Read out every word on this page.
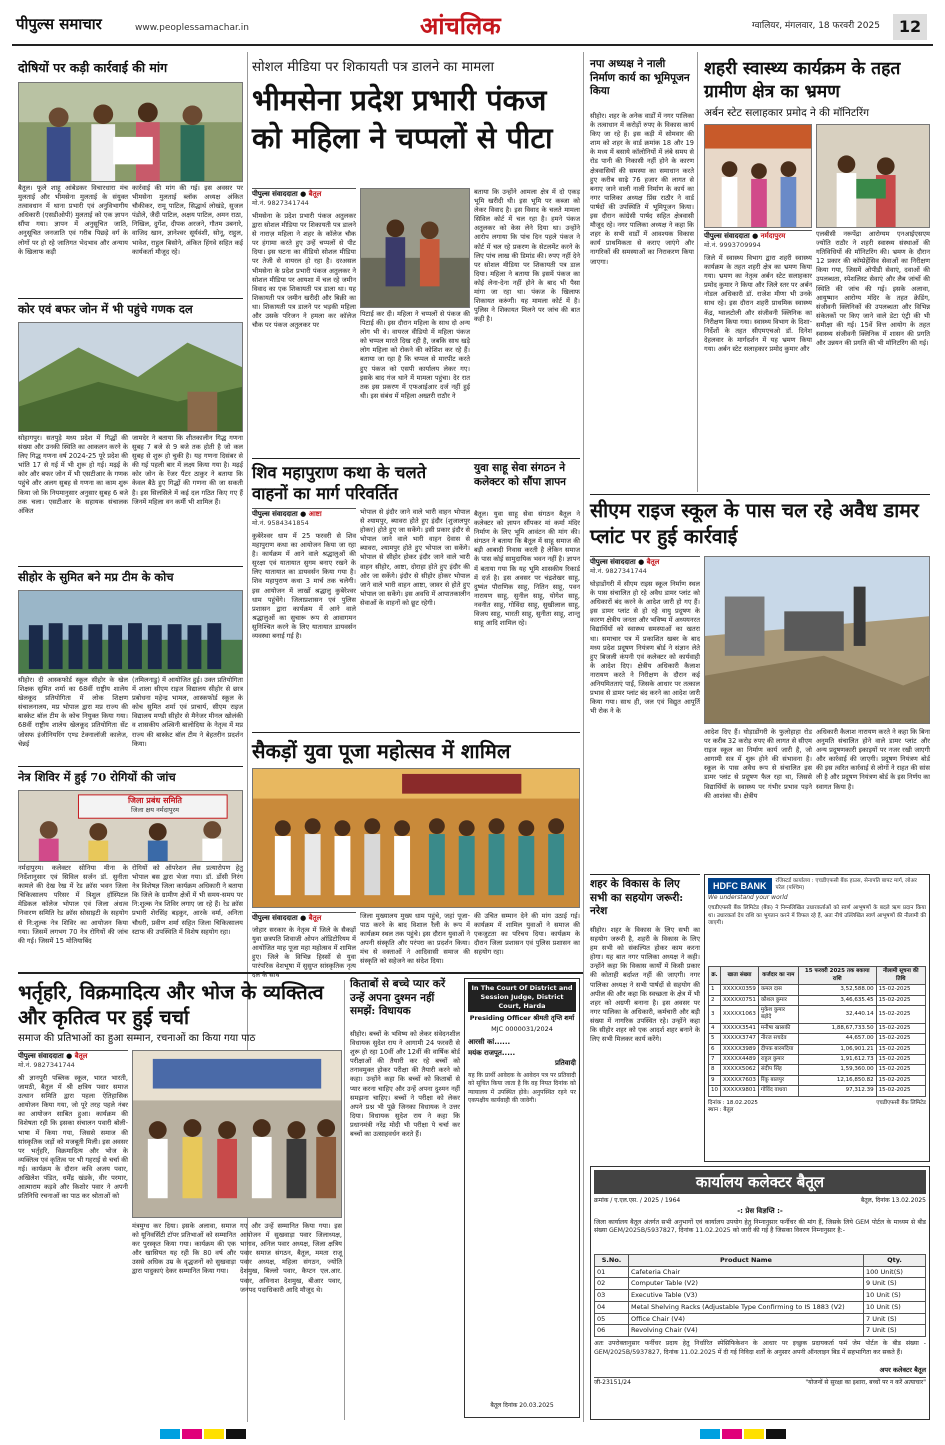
पीपुल्स समाचार	www.peoplessamachar.in	आंचलिक	ग्वालियर, मंगलवार, 18 फरवरी 2025	12
दोषियों पर कड़ी कार्रवाई की मांग
बैतूल। फूले शाहू आंबेडकर विचारधारा मंच मुलताई और भीमसेना मुलताई के संयुक्त तत्वावधान में थाना प्रभारी एवं अनुविभागीय अधिकारी (एसडीओपी) मुलताई को एक ज्ञापन सौंपा गया। ज्ञापन में अनुसूचित जाति, अनुसूचित जनजाति एवं गरीब पिछड़े वर्ग के लोगों पर हो रहे जातिगत भेदभाव और अन्याय के खिलाफ कड़ी
कार्रवाई की मांग की गई। इस अवसर पर भीमसेना मुलताई ब्लॉक अध्यक्ष अंकित चौकीकर, रामू पाटिल, सिद्धार्थ लोखंडे, सुजल पंडोले, जैदी पाटिल, अक्षय पाटिल, अमन राठा, निखिल, दुर्गेश, दीपक अरजने, गौतम उबनारे, वाजिद खान, ज्ञानेश्वर सूर्यवंशी, सोनू, राहुल, भावेश, राहुल बिसोने, अंकित हिंगवे सहित कई कार्यकर्ता मौजूद रहे।
कोर एवं बफर जोन में भी पहुंचे गणक दल
सोहागपुर। सतपुड़े मध्य प्रदेश में गिद्धों की संख्या और उनकी स्थिति का आकलन करने के लिए गिद्ध गणना वर्ष 2024-25 पूरे प्रदेश की भांति 17 से गई में भी शुरू हो गई। मढ़ई के कोर और बफर जोन में भी एसटीआर के गणक पहुंचे और अलग सुबह से गणना का काम शुरू किया जो कि नियमानुसार अनुसार सुबह 6 बजे तक चला। एसटीआर के सहायक संचालक अंकित
जामदेर ने बताया कि शीतकालीन गिद्ध गणना सुबह 7 बजे से 9 बजे तक होती है जो कल सुबह से शुरू हो चुकी है। यह गणना दिसंबर से की गई पहली बार में लक्ष्य किया गया है। मढ़ई कोर जोन के रेंजर पैंटर ठाकुर ने बताया कि केवल बैठे हुए गिद्धों की गणना की जा सकती है। इस सिलसिले में कई दल गठित किए गए हैं जिनमें महिला वन कर्मी भी शामिल हैं।
सीहोर के सुमित बने मप्र टीम के कोच
सीहोर। दी आस्कफोर्ड स्कूल सीहोर के खेल शिक्षक सुमित शर्मा का 68वीं राष्ट्रीय शालेय खेलकूद प्रतियोगिता में लोक शिक्षण संचालनालय, मप्र भोपाल द्वारा मप्र राज्य की बास्केट बॉल टीम के कोच नियुक्त किया गया। 68वीं राष्ट्रीय शालेय खेलकूद प्रतियोगिता सेंट जोसफ इंजीनियरिंग एण्ड टेक्नालॉजी कालेज, चेन्नई
(तमिलनाडु) में आयोजित हुई। उक्त प्रतियोगिता में शाला सीएम राइज विद्यालय सीहोर से छात्र प्रबोधना महेन्द्र भामल, आस्कफोर्ड स्कूल के कोच सुमित शर्मा एवं प्राचार्य, सीएम राइज विद्यालय मण्डी सीहोर से मैनेजर मीनल खोलंकी व शासकीय अश्विनी बालोदिया के नेतृत्व में मप्र राज्य की बास्केट बॉल टीम ने बेहतरीन प्रदर्शन किया।
नेत्र शिविर में हुई 70 रोगियों की जांच
जिला प्रबंध समिति
जिला क्षय नर्मदापुरम
नर्मदापुरम। कलेक्टर सोनिया मीना के निर्देशानुसार एवं सिविल सर्जन डॉ. सुनीता कामले की देख रेख में रेड क्रॉस भवन जिला चिकित्सालय परिसर में त्रिशुल हॉस्पिटल मेडिकल कॉलेज भोपाल एवं जिला अंधत्व निवारण समिति रेड क्रॉस सोसाइटी के सहयोग से नि:शुल्क नेत्र शिविर का आयोजन किया गया। जिसमें लगभग 70 नेत्र रोगियों की जांच की गई। जिसमें 15 मोतियाबिंद
रोगियों को ऑपरेशन लेंस प्रत्यारोपण हेतु भोपाल बस द्वारा भेजा गया। डॉ. डोंसी निरंग नेत्र विशेषज्ञ जिला कार्यक्रम अधिकारी ने बताया कि जिले के ग्रामीण क्षेत्रों में भी समय-समय पर नि:शुल्क नेत्र शिविर लगाए जा रहे हैं। रेड क्रॉस प्रभारी शेरसिंह बड़कुर, आरके वर्मा, अनिता चौधरी, प्रवीण शर्मा सहित जिला चिकित्सालय स्टाफ की उपस्थिति में विशेष सहयोग रहा।
सोशल मीडिया पर शिकायती पत्र डालने का मामला
भीमसेना प्रदेश प्रभारी पंकज को महिला ने चप्पलों से पीटा
पीपुल्स संवाददाता ● बैतूल
मो.नं. 9827341744
भीमसेना के प्रदेश प्रभारी पंकज अतुलकर द्वारा सोशल मीडिया पर शिकायती पत्र डालने से नाराज़ महिला ने शहर के कॉलेज चौक पर हंगामा करते हुए उन्हें चप्पलों से पीट दिया। इस घटना का वीडियो सोशल मीडिया पर तेजी से वायरल हो रहा है। दरअसल भीमसेना के प्रदेश प्रभारी पंकज अतुलकर ने सोशल मीडिया पर आयशा में चल रहे जमीन विवाद का एक शिकायती पत्र डाला था। यह शिकायती पत्र जमीन खरीदी और बिक्री का था। शिकायती पत्र डालने पर भड़की महिला और उसके परिजन ने हमला कर कॉलेज चौक पर पंकज अतुलकर पर
पिटाई कर दी। महिला ने चप्पलों से पंकज की पिटाई की। इस दौरान महिला के साथ दो अन्य लोग भी थे। वायरल वीडियो में महिला पंकज को चप्पल मारते दिख रही है, जबकि साथ खड़े लोग महिला को रोकने की कोशिश कर रहे हैं। बताया जा रहा है कि चप्पल से मारपीट करते हुए पंकज को एसपी कार्यालय लेकर गए। इसके बाद गंज थाने में मामला पहुंचा। देर रात तक इस प्रकरण में एफआईआर दर्ज नहीं हुई थी। इस संबंध में महिला अख्तरी राठौर ने
बताया कि उन्होंने आमला क्षेत्र में दो एकड़ भूमि खरीदी थी। इस भूमि पर कब्जा को लेकर विवाद है। इस विवाद के चलते मामला सिविल कोर्ट में चल रहा है। हमने पंकज अतुलकर को केस लेने दिया था। उन्होंने आरोप लगाया कि पांच दिन पहले पंकज ने कोर्ट में चल रहे प्रकरण के सेटलमेंट करने के लिए पांच लाख की डिमांड की। रुपए नहीं देने पर सोशल मीडिया पर शिकायती पत्र डाल दिया। महिला ने बताया कि इसमें पंकज का कोई लेना-देना नहीं होने के बाद भी पैसा मांगा जा रहा था। पंकज के खिलाफ शिकायत करूंगी। यह मामला कोर्ट में है। पुलिस ने शिकायत मिलने पर जांच की बात कही है।
शिव महापुराण कथा के चलते वाहनों का मार्ग परिवर्तित
पीपुल्स संवाददाता ● आष्टा
मो.नं. 9584341854
कुबेरेश्वर धाम में 25 फरवरी से शिव महापुराण कथा का आयोजन किया जा रहा है। कार्यक्रम में आने वाले श्रद्धालुओं की सुरक्षा एवं यातायात सुगम बनाए रखने के लिए यातायात का डायवर्सन किया गया है। शिव महापुराण कथा 3 मार्च तक चलेगी। इस आयोजन में लाखों श्रद्धालु कुबेरेश्वर धाम पहुंचेंगे। जिलाप्रशासन एवं पुलिस प्रशासन द्वारा कार्यक्रम में आने वाले श्रद्धालुओं का सुचारू रूप से आवागमन सुनिश्चित करने के लिए यातायात डायवर्सन व्यवस्था बनाई गई है।
भोपाल से इंदौर जाने वाले भारी वाहन भोपाल से श्यामपुर, ब्यावरा होते हुए इंदौर (शुजालपुर होकर) होते हुए जा सकेंगे। इसी प्रकार इंदौर से भोपाल जाने वाले भारी वाहन देवास से ब्यावरा, श्यामपुर होते हुए भोपाल जा सकेंगे। भोपाल से सीहोर होकर इंदौर जाने वाले भारी वाहन सीहोर, आष्टा, दोराहा होते हुए इंदौर की ओर जा सकेंगे। इंदौर से सीहोर होकर भोपाल जाने वाले भारी वाहन आष्टा, जावर से होते हुए भोपाल जा सकेंगे। इस अवधि में आपातकालीन सेवाओं के वाहनों को छूट रहेगी।
युवा साहू सेवा संगठन ने कलेक्टर को सौंपा ज्ञापन
बैतूल। युवा साहू सेवा संगठन बैतूल ने कलेक्टर को ज्ञापन सौंपकर मां कर्मा मंदिर निर्माण के लिए भूमि आवंटन की मांग की। संगठन ने बताया कि बैतूल में साहू समाज की बड़ी आबादी निवास करती है लेकिन समाज के पास कोई सामुदायिक भवन नहीं है। ज्ञापन में बताया गया कि यह भूमि शासकीय रिकार्ड में दर्ज है। इस अवसर पर चंद्रशेखर साहू, दुष्यंत पौराणिक साहू, नितिन साहू, पवन नारायण साहू, सुनील साहू, योगेश साहू, नवनीत साहू, गोविंदा साहू, सुखीलाल साहू, विजय साहू, भारती साहू, सुनीता साहू, शान्तु साहू आदि शामिल रहे।
सैकड़ों युवा पूजा महोत्सव में शामिल
पीपुल्स संवाददाता ● बैतूल
जोहार सरकार के नेतृत्व में जिले के सैकड़ों युवा छत्रपति शिवाजी ओपन ऑडिटोरियम में आयोजित माह पूजा महा महोत्सव में शामिल हुए। जिले के विभिन्न हिस्सों से युवा पारंपरिक वेशभूषा में सुसुप्त सांस्कृतिक नृत्य दल के साथ
जिला मुख्यालय मुख्य धाम पहुंचे, जहां पूजा-पाठ करने के बाद विशाल रैली के रूप में कार्यक्रम स्थल तक पहुंचे। इस दौरान युवाओं ने अपनी संस्कृति और परंपरा का प्रदर्शन किया। मंच से वक्ताओं ने आदिवासी समाज की संस्कृति को सहेजने का संदेश दिया।
की उचित सम्मान देने की मांग उठाई गई। कार्यक्रम में शामिल युवाओं ने समाज की एकजुटता का परिचय दिया। कार्यक्रम के दौरान जिला प्रशासन एवं पुलिस प्रशासन का सहयोग रहा।
भर्तृहरि, विक्रमादित्य और भोज के व्यक्तित्व और कृतित्व पर हुई चर्चा
समाज की प्रतिभाओं का हुआ सम्मान, रचनाओं का किया गया पाठ
पीपुल्स संवाददाता ● बैतूल
मो.नं. 9827341744
श्री ज्ञानपुरी पब्लिक स्कूल, भारत भारती, जामठी, बैतूल में श्री क्षत्रिय पवार समाज उत्थान समिति द्वारा पहला ऐतिहासिक आयोजन किया गया, जो पूरे तरह पहले नंबर का आयोजन साबित हुआ। कार्यक्रम की विशेषता रही कि इसका संचालन पवारी बोली-भाषा में किया गया, जिससे समाज की सांस्कृतिक जड़ों को मजबूती मिली। इस अवसर पर भर्तृहरि, विक्रमादित्य और भोज के व्यक्तित्व एवं कृतित्व पर भी गहराई से चर्चा की गई। कार्यक्रम के दौरान कवि अजय पवार, अखिलेश पंडित, धर्मेंद्र खंडके, वीर परमार, आत्माराम कड़वे और किशोर पवार ने अपनी प्रतिनिधि रचनाओं का पाठ कर श्रोताओं को
मंत्रमुग्ध कर दिया। इसके अलावा, समाज को यूनिवर्सिटी टॉपर प्रतिभाओं को सम्मानित कर पुरस्कृत किया गया। कार्यक्रम की एक और खासियत यह रही कि 80 वर्ष और उससे अधिक उम्र के वृद्धजनों को सुखवाड़ा द्वारा पादुकाएं देकर सम्मानित किया गया।
गए और उन्हें सम्मानित किया गया। इस आयोजन में सुखवाड़ा पवार जिलाध्यक्ष, भानाव, अनिल पवार अध्यक्ष, जिला क्षत्रिय पवार समाज संगठन, बैतूल, ममता राजू पवार अध्यक्ष, महिला संगठन, ज्योति देशमुख, बिल्लो पवार, कैप्टन एल.आर. पवार, अविनाश देशमुख, बीआर पवार, जनपद पदाधिकारी आदि मौजूद थे।
किताबों से बच्चे प्यार करें उन्हें अपना दुश्मन नहीं समझें: विधायक
सीहोर। बच्चों के भविष्य को लेकर संवेदनशील विधायक सुदेश राय ने आगामी 24 फरवरी से शुरू हो रहा 10वीं और 12वीं की वार्षिक बोर्ड परीक्षाओं की तैयारी कर रहे बच्चों को तनावमुक्त होकर परीक्षा की तैयारी करने को कहा। उन्होंने कहा कि बच्चों को किताबों से प्यार करना चाहिए और उन्हें अपना दुश्मन नहीं समझना चाहिए। बच्चों ने परीक्षा को लेकर अपने प्रश्न भी पूछे जिनका विधायक ने उत्तर दिया। विधायक सुदेश राय ने कहा कि प्रधानमंत्री नरेंद्र मोदी भी परीक्षा पे चर्चा कर बच्चों का उत्साहवर्धन करते हैं।
In The Court Of District and
Session Judge, District Court, Harda
Presiding Officer श्रीमती तृप्ति शर्मा
MJC 0000031/2024
आरसी कां......
मयंक राजपूत.....
प्रतिवादी
यह कि प्रार्थी आवेदक के आवेदन पत्र पर प्रतिवादी को सूचित किया जाता है कि वह नियत दिनांक को न्यायालय में उपस्थित होवे। अनुपस्थित रहने पर एकपक्षीय कार्यवाही की जावेगी।
बैतूल दिनांक 20.03.2025
नपा अध्यक्ष ने नाली निर्माण कार्य का भूमिपूजन किया
सीहोर। शहर के अनेक वार्डों में नगर पालिका के तत्वाधान में करोड़ों रुपए के विकास कार्य किए जा रहे हैं। इस कड़ी में सोमवार की शाम को शहर के वार्ड क्रमांक 18 और 19 के मध्य में बसाये कॉलोनियों में लंबे समय से रोड पानी की निकासी नहीं होने के कारण क्षेत्रवासियों की समस्या का समाधान करते हुए करीब साढ़े 76 हजार की लागत से बनाए जाने वाली नाली निर्माण के कार्य का नगर पालिका अध्यक्ष प्रिंस राठौर ने वार्ड पार्षदों की उपस्थिति में भूमिपूजन किया। इस दौरान कांग्रेसी पार्षद सहित क्षेत्रवासी मौजूद रहे। नगर पालिका अध्यक्ष ने कहा कि शहर के सभी वार्डों में आवश्यक विकास कार्य प्राथमिकता से कराए जाएंगे और नागरिकों की समस्याओं का निराकरण किया जाएगा।
शहरी स्वास्थ्य कार्यक्रम के तहत ग्रामीण क्षेत्र का भ्रमण
अर्बन स्टेट सलाहकार प्रमोद ने की मॉनिटरिंग
पीपुल्स संवाददाता ● नर्मदापुरम
मो.नं. 9993709994
जिले में स्वास्थ्य विभाग द्वारा शहरी स्वास्थ्य कार्यक्रम के तहत शहरी क्षेत्र का भ्रमण किया गया। भ्रमण का नेतृत्व अर्बन स्टेट सलाहकार प्रमोद कुमार ने किया और जिले स्तर पर अर्बन नोडल अधिकारी डॉ. राजेश मीणा भी उनके साथ रहे। इस दौरान शहरी प्राथमिक स्वास्थ्य केंद्र, ग्वालटोली और संजीवनी क्लिनिक का निरीक्षण किया गया। स्वास्थ्य विभाग के दिशा-निर्देशों के तहत सीएमएचओ डॉ. दिनेश देहलवार के मार्गदर्शन में यह भ्रमण किया गया। अर्बन स्टेट सलाहकार प्रमोद कुमार और
एलबीसी नरूपेंद्रा आरोग्यम एनआईएसएम ज्योति राठौर ने शहरी स्वास्थ्य संस्थाओं की गतिविधियों की मॉनिटरिंग की। भ्रमण के दौरान 12 प्रकार की कॉम्प्रेहेंसिव सेवाओं का निरीक्षण किया गया, जिसमें ओपीडी सेवाएं, दवाओं की उपलब्धता, स्पेशलिस्ट सेवाएं और लैब जांचों की स्थिति की जांच की गई। इसके अलावा, आयुष्मान आरोग्य मंदिर के तहत क्रेडिंग, संजीवनी क्लिनिकों की उपलब्धता और विभिन्न संकेतकों पर किए जाने वाले डेटा एंट्री की भी समीक्षा की गई। 15वें वित्त आयोग के तहत स्वास्थ्य संजीवनी क्लिनिक में शासन की प्रगति और उन्नयन की प्रगति की भी मॉनिटरिंग की गई।
सीएम राइज स्कूल के पास चल रहे अवैध डामर प्लांट पर हुई कार्रवाई
पीपुल्स संवाददाता ● बैतूल
मो.नं. 9827341744
घोड़ाडोंगरी में सीएम राइस स्कूल निर्माण स्थल के पास संचालित हो रहे अवैध डामर प्लांट को अधिकारों बंद करने के आदेश जारी हो गए हैं। इस डामर प्लांट से हो रहे वायु प्रदूषण के कारण क्षेत्रीय जनता और भविष्य में अध्ययनरत विद्यार्थियों को स्वास्थ्य समस्याओं का खतरा था। समाचार पत्र में प्रकाशित खबर के बाद मध्य प्रदेश प्रदूषण नियंत्रण बोर्ड ने संज्ञान लेते हुए बिजली कंपनी एवं कलेक्टर को कार्यवाही के आदेश दिए। क्षेत्रीय अधिकारी कैलाश नारायण करते ने निरीक्षण के दौरान कई अनियमितताएं पाईं, जिसके आधार पर तत्काल प्रभाव से डामर प्लांट बंद करने का आदेश जारी किया गया। साथ ही, जल एवं विद्युत आपूर्ति भी रोक ने के
आदेश दिए हैं। घोड़ाडोंगरी के फुलोहाहा रोड पर करीब 32 करोड़ रुपए की लागत से सीएम राइज स्कूल का निर्माण कार्य जारी है, जो आगामी सत्र में शुरू होने की संभावना है। स्कूल के पास अवैध रूप से संचालित इस डामर प्लांट से प्रदूषण फैल रहा था, जिससे विद्यार्थियों के स्वास्थ्य पर गंभीर प्रभाव पड़ने की आशंका थी। क्षेत्रीय
अधिकारी कैलाश नारायण करते ने कहा कि बिना अनुमति संचालित होने वाले डामर प्लांट और अन्य प्रदूषणकारी इकाइयों पर नजर रखी जाएगी और कार्रवाई की जाएगी। प्रदूषण नियंत्रण बोर्ड की इस त्वरित कार्रवाई से लोगों ने राहत की सांस ली है और प्रदूषण नियंत्रण बोर्ड के इस निर्णय का स्वागत किया है।
शहर के विकास के लिए सभी का सहयोग जरूरी: नरेश
सीहोर। शहर के विकास के लिए सभी का सहयोग जरूरी है, शहरी के विकास के लिए हम सभी को संकल्पित होकर काम करना होगा। यह बात नगर पालिका अध्यक्ष ने कही। उन्होंने कहा कि विकास कार्यों में किसी प्रकार की कोताही बर्दाश्त नहीं की जाएगी। नगर पालिका अध्यक्ष ने सभी पार्षदों से सहयोग की अपील की और कहा कि स्वच्छता के क्षेत्र में भी शहर को अग्रणी बनाना है। इस अवसर पर नगर पालिका के अधिकारी, कर्मचारी और बड़ी संख्या में नागरिक उपस्थित रहे। उन्होंने कहा कि सीहोर शहर को एक आदर्श शहर बनाने के लिए सभी मिलकर कार्य करेंगे।
HDFC BANK	रजिस्टर्ड कार्यालय : एचडीएफसी बैंक हाउस, सेनापति बापट मार्ग, लोअर परेल (पश्चिम)
We understand your world
एचडीएफसी बैंक लिमिटेड (बैंक) ने निम्नलिखित उधारकर्ताओं को स्वर्ण आभूषणों के बदले ऋण प्रदान किया था। उधारकर्ता देय राशि का भुगतान करने में विफल रहे हैं, अतः नीचे उल्लिखित स्वर्ण आभूषणों की नीलामी की जाएगी।
क्र.	खाता संख्या	कर्जदार का नाम	15 फरवरी 2025 तक बकाया राशि	नीलामी सूचना की तिथि
1	XXXXX0359	कमल दास	3,52,588.00	15-02-2025
2	XXXXX0751	कौशल कुमार	3,46,635.45	15-02-2025
3	XXXXX1063	मुकेश कुमार बड़ोदे	32,440.14	15-02-2025
4	XXXXX3541	मनीषा खासकी	1,88,67,733.50	15-02-2025
5	XXXXX3747	नीरज सचदेव	44,657.00	15-02-2025
6	XXXXX3989	दीपक बारमदिया	1,06,901.21	15-02-2025
7	XXXXX4489	राहुल कुमार	1,91,612.73	15-02-2025
8	XXXXX5062	संदीप सिंह	1,59,360.00	15-02-2025
9	XXXXX7603	रिंकू बालपुर	12,16,850.82	15-02-2025
10	XXXXX9801	गोविंद वाधवा	97,312.39	15-02-2025
दिनांक : 18.02.2025
स्थान : बैतूल
एचडीएफसी बैंक लिमिटेड
कार्यालय कलेक्टर बैतूल
क्रमांक / ए.एल.एस. / 2025 / 1964	बैतूल, दिनांक 13.02.2025
-: प्रेस विज्ञप्ति :-
जिला कार्यालय बैतूल अंतर्गत सभी अनुभागों एवं कार्यालय उपयोग हेतु निम्नानुसार फर्नीचर की मांग हैं, जिसके लिये GEM पोर्टल के माध्यम से बीड संख्या GEM/2025B/5937827, दिनांक 11.02.2025 को जारी की गई है जिसका विवरण निम्नानुसार है:-
S.No.	Product Name	Qty.
01	Cafeteria Chair	100 Unit(S)
02	Computer Table (V2)	9 Unit (S)
03	Executive Table (V3)	10 Unit (S)
04	Metal Shelving Racks (Adjustable Type Confirming to IS 1883 (V2)	10 Unit (S)
05	Office Chair (V4)	7 Unit (S)
06	Revolving Chair (V4)	7 Unit (S)
अतः उपरोक्तानुसार फर्नीचर प्रदाय हेतु निर्धारित स्पेसिफिकेशन के आधार पर इच्छुक प्रदायकर्ता फर्म जेम पोर्टल के बीड संख्या - GEM/2025B/5937827, दिनांक 11.02.2025 में दी गई निविदा शर्तों के अनुसार अपनी ऑनलाइन बिड में सहभागिता कर सकते हैं।
अपर कलेक्टर बैतूल
जी-23151/24	"योजनों से सुरक्षा का इशारा, बच्चों पर न करें अत्याचार"
